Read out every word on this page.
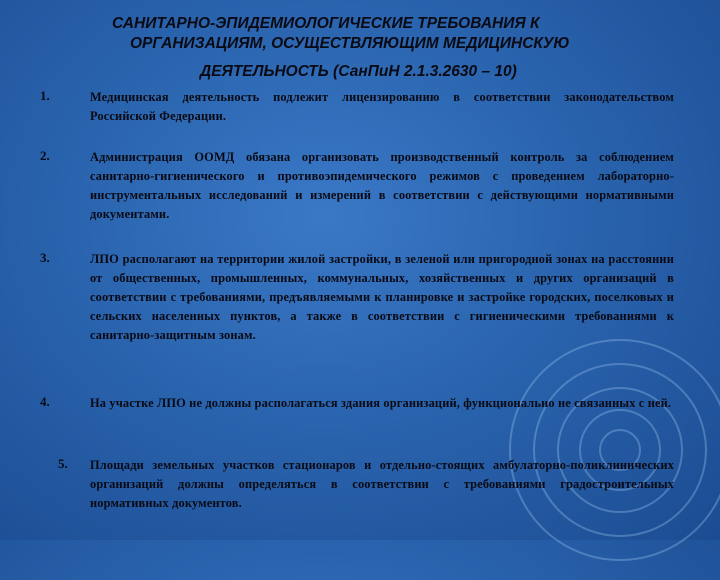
САНИТАРНО-ЭПИДЕМИОЛОГИЧЕСКИЕ ТРЕБОВАНИЯ К
ОРГАНИЗАЦИЯМ, ОСУЩЕСТВЛЯЮЩИМ МЕДИЦИНСКУЮ
ДЕЯТЕЛЬНОСТЬ (СанПиН 2.1.3.2630 – 10)
1.	Медицинская деятельность подлежит лицензированию в соответствии законодательством Российской Федерации.
2.	Администрация ООМД обязана организовать производственный контроль за соблюдением санитарно-гигиенического и противоэпидемического режимов с проведением лабораторно-инструментальных исследований и измерений в соответствии с действующими нормативными документами.
3.	ЛПО располагают на территории жилой застройки, в зеленой или пригородной зонах на расстоянии от общественных, промышленных, коммунальных, хозяйственных и других организаций в соответствии с требованиями, предъявляемыми к планировке и застройке городских, поселковых и сельских населенных пунктов, а также в соответствии с гигиеническими требованиями к санитарно-защитным зонам.
4.	На участке ЛПО не должны располагаться здания организаций, функционально не связанных с ней.
5. Площади земельных участков стационаров и отдельно-стоящих амбулаторно-поликлинических организаций должны определяться в соответствии с требованиями градостроительных нормативных документов.
